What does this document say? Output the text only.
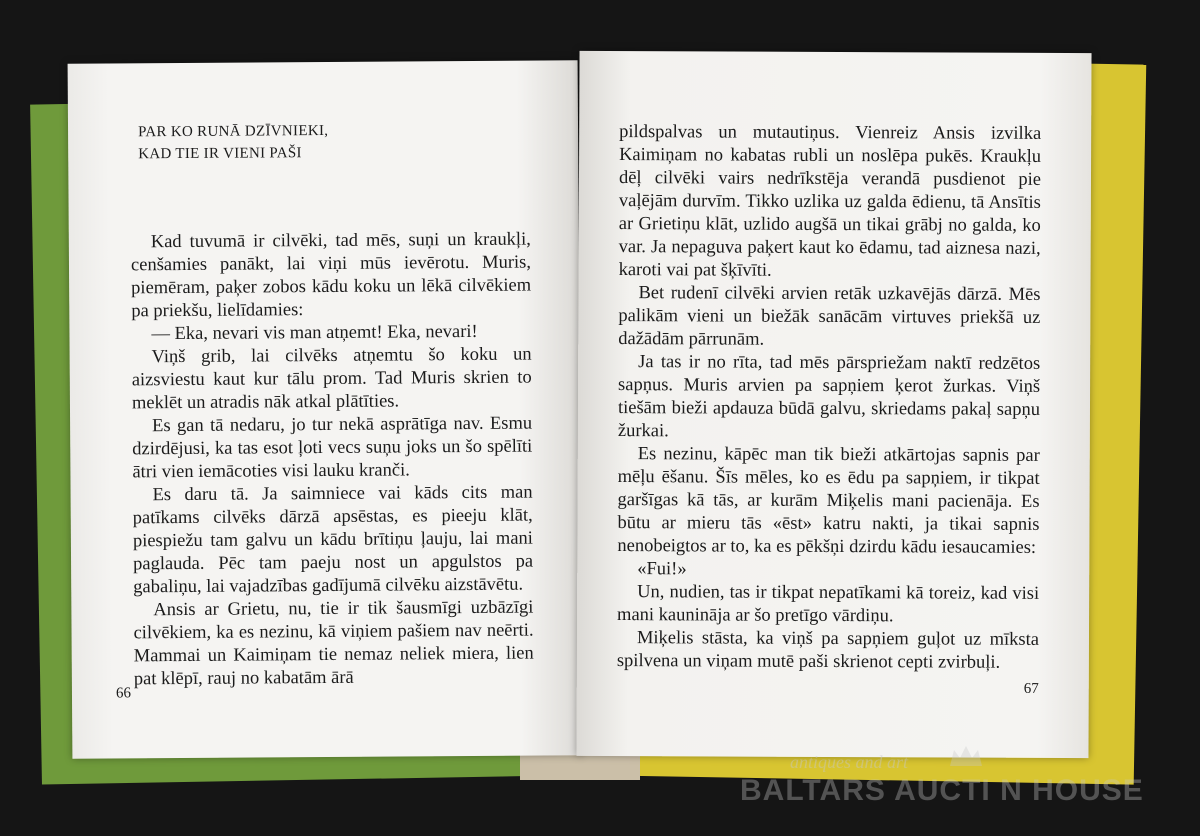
PAR KO RUNĀ DZĪVNIEKI,
KAD TIE IR VIENI PAŠI

Kad tuvumā ir cilvēki, tad mēs, suņi un kraukļi, cenšamies panākt, lai viņi mūs ievērotu. Muris, piemēram, paķer zobos kādu koku un lēkā cilvēkiem pa priekšu, lielīdamies:

— Eka, nevari vis man atņemt! Eka, nevari!

Viņš grib, lai cilvēks atņemtu šo koku un aizsviestu kaut kur tālu prom. Tad Muris skrien to meklēt un atradis nāk atkal plātīties.

Es gan tā nedaru, jo tur nekā asprātīga nav. Esmu dzirdējusi, ka tas esot ļoti vecs suņu joks un šo spēlīti ātri vien iemācoties visi lauku kranči.

Es daru tā. Ja saimniece vai kāds cits man patīkams cilvēks dārzā apsēstas, es pieeju klāt, piespiežu tam galvu un kādu brītiņu ļauju, lai mani paglauda. Pēc tam paeju nost un apgulstos pa gabaliņu, lai vajadzības gadījumā cilvēku aizstāvētu.

Ansis ar Grietu, nu, tie ir tik šausmīgi uzbāzīgi cilvēkiem, ka es nezinu, kā viņiem pašiem nav neērti. Mammai un Kaimiņam tie nemaz neliek miera, lien pat klēpī, rauj no kabatām ārā

66

pildspalvas un mutautiņus. Vienreiz Ansis izvilka Kaimiņam no kabatas rubli un noslēpa pukēs. Kraukļu dēļ cilvēki vairs nedrīkstēja verandā pusdienot pie vaļējām durvīm. Tikko uzlika uz galda ēdienu, tā Ansītis ar Grietiņu klāt, uzlido augšā un tikai grābj no galda, ko var. Ja nepaguva paķert kaut ko ēdamu, tad aiznesa nazi, karoti vai pat šķīvīti.

Bet rudenī cilvēki arvien retāk uzkavējās dārzā. Mēs palikām vieni un biežāk sanācām virtuves priekšā uz dažādām pārrunām.

Ja tas ir no rīta, tad mēs pārspriežam naktī redzētos sapņus. Muris arvien pa sapņiem ķerot žurkas. Viņš tiešām bieži apdauza būdā galvu, skriedams pakaļ sapņu žurkai.

Es nezinu, kāpēc man tik bieži atkārtojas sapnis par mēļu ēšanu. Šīs mēles, ko es ēdu pa sapņiem, ir tikpat garšīgas kā tās, ar kurām Miķelis mani pacienāja. Es būtu ar mieru tās «ēst» katru nakti, ja tikai sapnis nenobeigtos ar to, ka es pēkšņi dzirdu kādu iesaucamies:

«Fui!»

Un, nudien, tas ir tikpat nepatīkami kā toreiz, kad visi mani kaunināja ar šo pretīgo vārdiņu.

Miķelis stāsta, ka viņš pa sapņiem guļot uz mīksta spilvena un viņam mutē paši skrienot cepti zvirbuļi.

67
antiques and art
BALTARS AUCTI N HOUSE
